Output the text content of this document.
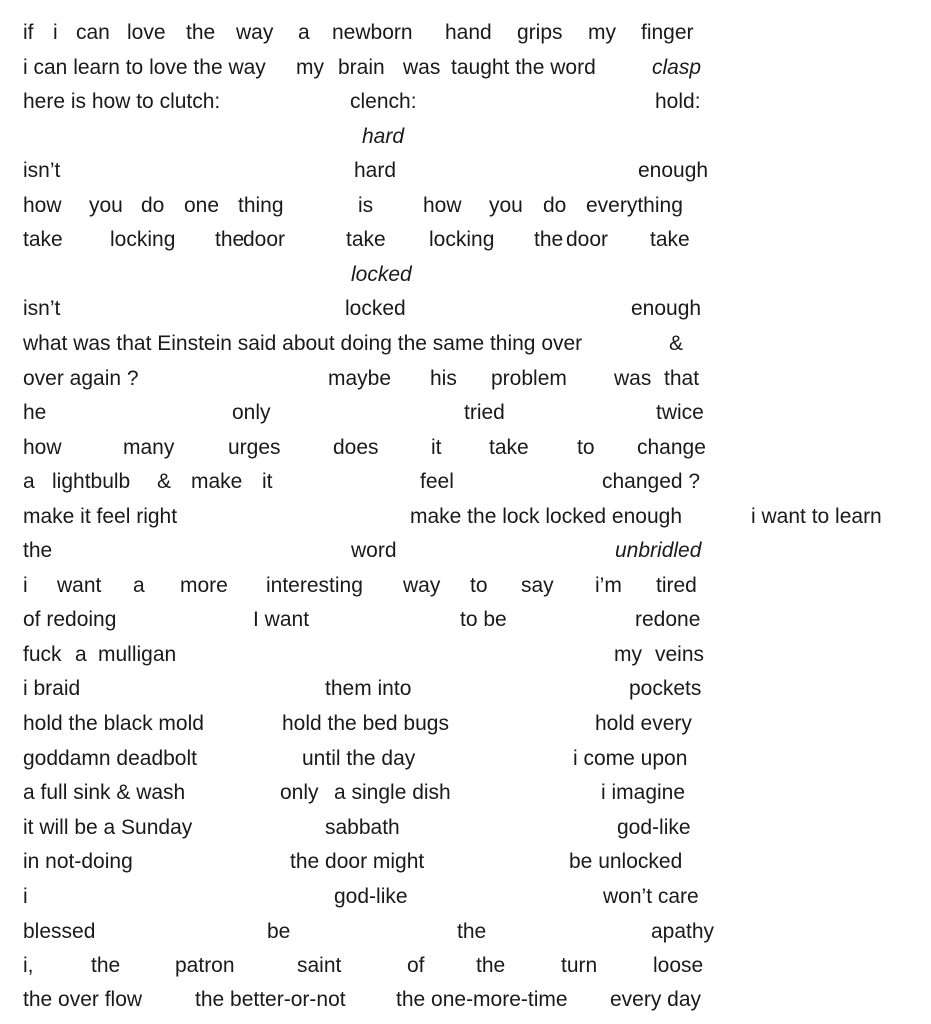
if i can love the way a newborn hand grips my finger
i can learn to love the way my brain was taught the word	clasp
here is how to clutch:	clench:	hold:
hard
isn’t	hard	enough
how you do one thing	is how you do everything
take locking the
door	take locking the door take
locked
isn’t	locked	enough
what was that Einstein said about doing the same thing over	&
over again ?	maybe his problem was that
he	only	tried	twice
how	many	urges does it take to change
a lightbulb & make it	feel	changed ?
make it feel right	make the lock locked enough	i want to learn
the	word	unbridled
i want a more interesting way to say i’m tired
of redoing	I want	to be	redone
fuck a mulligan	my veins
i braid	them into	pockets
hold the black mold	hold the bed bugs	hold every
goddamn deadbolt	until the day	i come upon
a full sink & wash	only a single dish	i imagine
it will be a Sunday	sabbath	god-like
in not-doing	the door might	be unlocked
i	god-like	won’t care
blessed	be	the	apathy
i,	the	patron	saint	of the	turn	loose
the over flow	the better-or-not the one-more-time every day
